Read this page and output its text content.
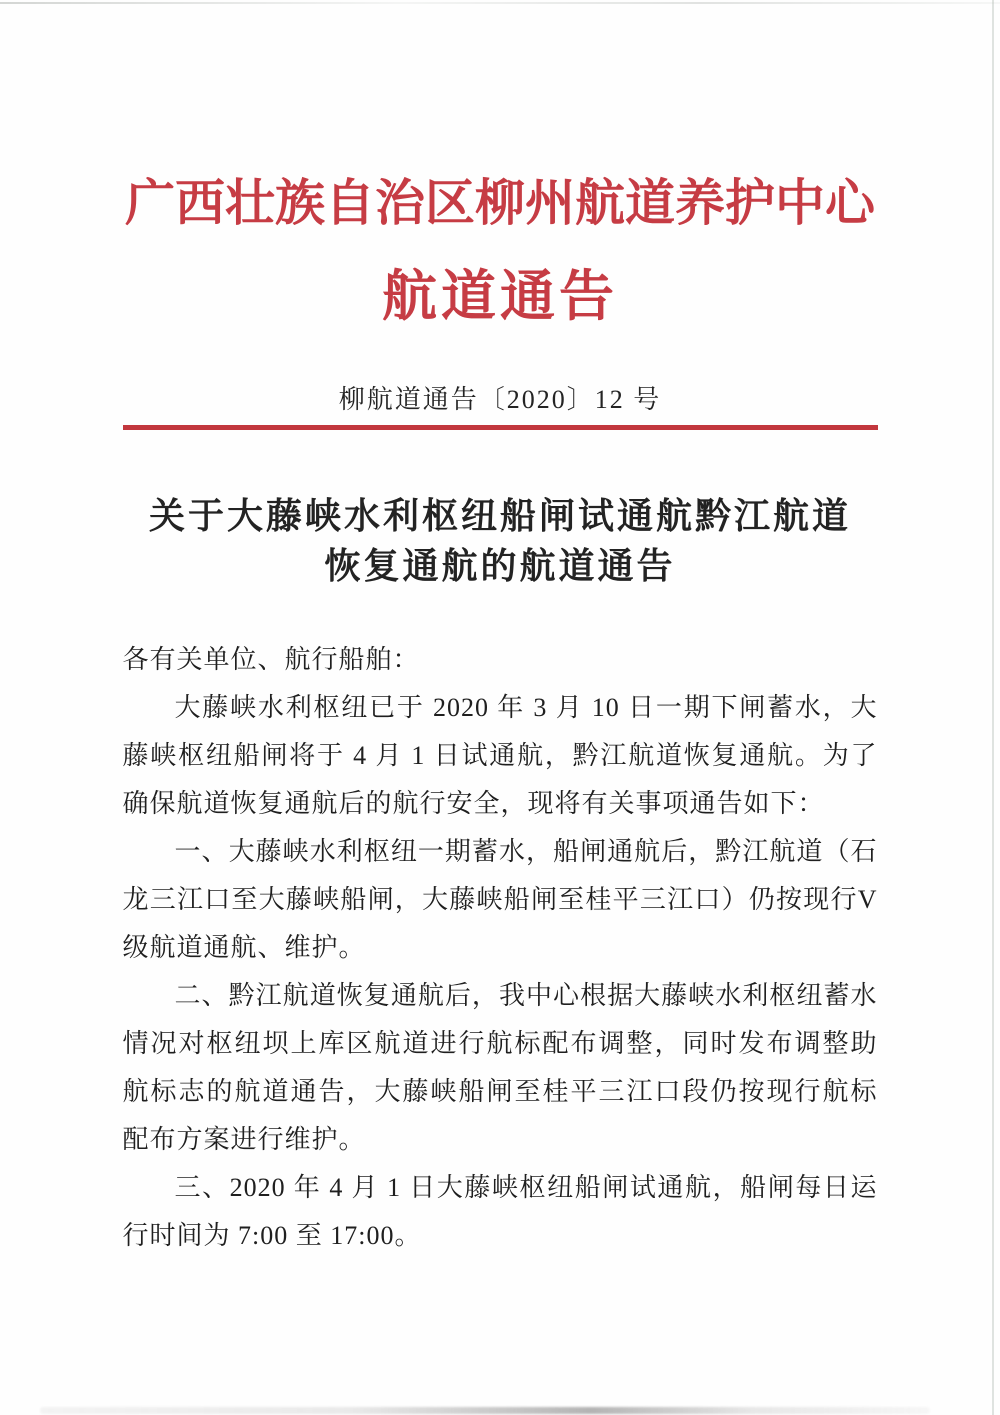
广西壮族自治区柳州航道养护中心
航道通告
柳航道通告〔2020〕12 号
关于大藤峡水利枢纽船闸试通航黔江航道
恢复通航的航道通告

各有关单位、航行船舶：

大藤峡水利枢纽已于 2020 年 3 月 10 日一期下闸蓄水，大藤峡枢纽船闸将于 4 月 1 日试通航，黔江航道恢复通航。为了确保航道恢复通航后的航行安全，现将有关事项通告如下：

一、大藤峡水利枢纽一期蓄水，船闸通航后，黔江航道（石龙三江口至大藤峡船闸，大藤峡船闸至桂平三江口）仍按现行V级航道通航、维护。

二、黔江航道恢复通航后，我中心根据大藤峡水利枢纽蓄水情况对枢纽坝上库区航道进行航标配布调整，同时发布调整助航标志的航道通告，大藤峡船闸至桂平三江口段仍按现行航标配布方案进行维护。

三、2020 年 4 月 1 日大藤峡枢纽船闸试通航，船闸每日运行时间为 7:00 至 17:00。
